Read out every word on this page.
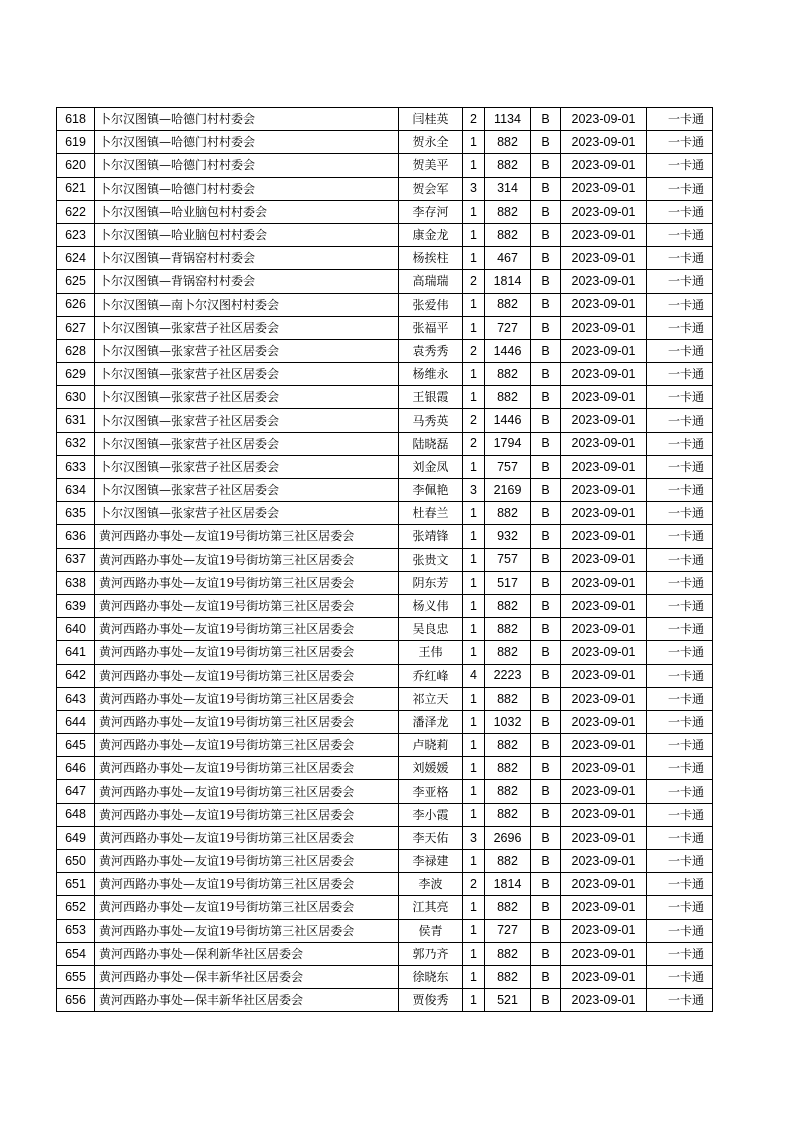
618	卜尔汉图镇—哈德门村村委会	闫桂英	2	1134	B	2023-09-01	一卡通
619	卜尔汉图镇—哈德门村村委会	贺永全	1	882	B	2023-09-01	一卡通
620	卜尔汉图镇—哈德门村村委会	贺美平	1	882	B	2023-09-01	一卡通
621	卜尔汉图镇—哈德门村村委会	贺会军	3	314	B	2023-09-01	一卡通
622	卜尔汉图镇—哈业脑包村村委会	李存河	1	882	B	2023-09-01	一卡通
623	卜尔汉图镇—哈业脑包村村委会	康金龙	1	882	B	2023-09-01	一卡通
624	卜尔汉图镇—背锅窑村村委会	杨挨柱	1	467	B	2023-09-01	一卡通
625	卜尔汉图镇—背锅窑村村委会	高瑞瑞	2	1814	B	2023-09-01	一卡通
626	卜尔汉图镇—南卜尔汉图村村委会	张爱伟	1	882	B	2023-09-01	一卡通
627	卜尔汉图镇—张家营子社区居委会	张福平	1	727	B	2023-09-01	一卡通
628	卜尔汉图镇—张家营子社区居委会	袁秀秀	2	1446	B	2023-09-01	一卡通
629	卜尔汉图镇—张家营子社区居委会	杨维永	1	882	B	2023-09-01	一卡通
630	卜尔汉图镇—张家营子社区居委会	王银霞	1	882	B	2023-09-01	一卡通
631	卜尔汉图镇—张家营子社区居委会	马秀英	2	1446	B	2023-09-01	一卡通
632	卜尔汉图镇—张家营子社区居委会	陆晓磊	2	1794	B	2023-09-01	一卡通
633	卜尔汉图镇—张家营子社区居委会	刘金凤	1	757	B	2023-09-01	一卡通
634	卜尔汉图镇—张家营子社区居委会	李佩艳	3	2169	B	2023-09-01	一卡通
635	卜尔汉图镇—张家营子社区居委会	杜春兰	1	882	B	2023-09-01	一卡通
636	黄河西路办事处—友谊19号街坊第三社区居委会	张靖锋	1	932	B	2023-09-01	一卡通
637	黄河西路办事处—友谊19号街坊第三社区居委会	张贵文	1	757	B	2023-09-01	一卡通
638	黄河西路办事处—友谊19号街坊第三社区居委会	阴东芳	1	517	B	2023-09-01	一卡通
639	黄河西路办事处—友谊19号街坊第三社区居委会	杨义伟	1	882	B	2023-09-01	一卡通
640	黄河西路办事处—友谊19号街坊第三社区居委会	吴良忠	1	882	B	2023-09-01	一卡通
641	黄河西路办事处—友谊19号街坊第三社区居委会	王伟	1	882	B	2023-09-01	一卡通
642	黄河西路办事处—友谊19号街坊第三社区居委会	乔红峰	4	2223	B	2023-09-01	一卡通
643	黄河西路办事处—友谊19号街坊第三社区居委会	祁立天	1	882	B	2023-09-01	一卡通
644	黄河西路办事处—友谊19号街坊第三社区居委会	潘泽龙	1	1032	B	2023-09-01	一卡通
645	黄河西路办事处—友谊19号街坊第三社区居委会	卢晓莉	1	882	B	2023-09-01	一卡通
646	黄河西路办事处—友谊19号街坊第三社区居委会	刘媛媛	1	882	B	2023-09-01	一卡通
647	黄河西路办事处—友谊19号街坊第三社区居委会	李亚格	1	882	B	2023-09-01	一卡通
648	黄河西路办事处—友谊19号街坊第三社区居委会	李小霞	1	882	B	2023-09-01	一卡通
649	黄河西路办事处—友谊19号街坊第三社区居委会	李天佑	3	2696	B	2023-09-01	一卡通
650	黄河西路办事处—友谊19号街坊第三社区居委会	李禄建	1	882	B	2023-09-01	一卡通
651	黄河西路办事处—友谊19号街坊第三社区居委会	李波	2	1814	B	2023-09-01	一卡通
652	黄河西路办事处—友谊19号街坊第三社区居委会	江其亮	1	882	B	2023-09-01	一卡通
653	黄河西路办事处—友谊19号街坊第三社区居委会	侯青	1	727	B	2023-09-01	一卡通
654	黄河西路办事处—保利新华社区居委会	郭乃齐	1	882	B	2023-09-01	一卡通
655	黄河西路办事处—保丰新华社区居委会	徐晓东	1	882	B	2023-09-01	一卡通
656	黄河西路办事处—保丰新华社区居委会	贾俊秀	1	521	B	2023-09-01	一卡通
